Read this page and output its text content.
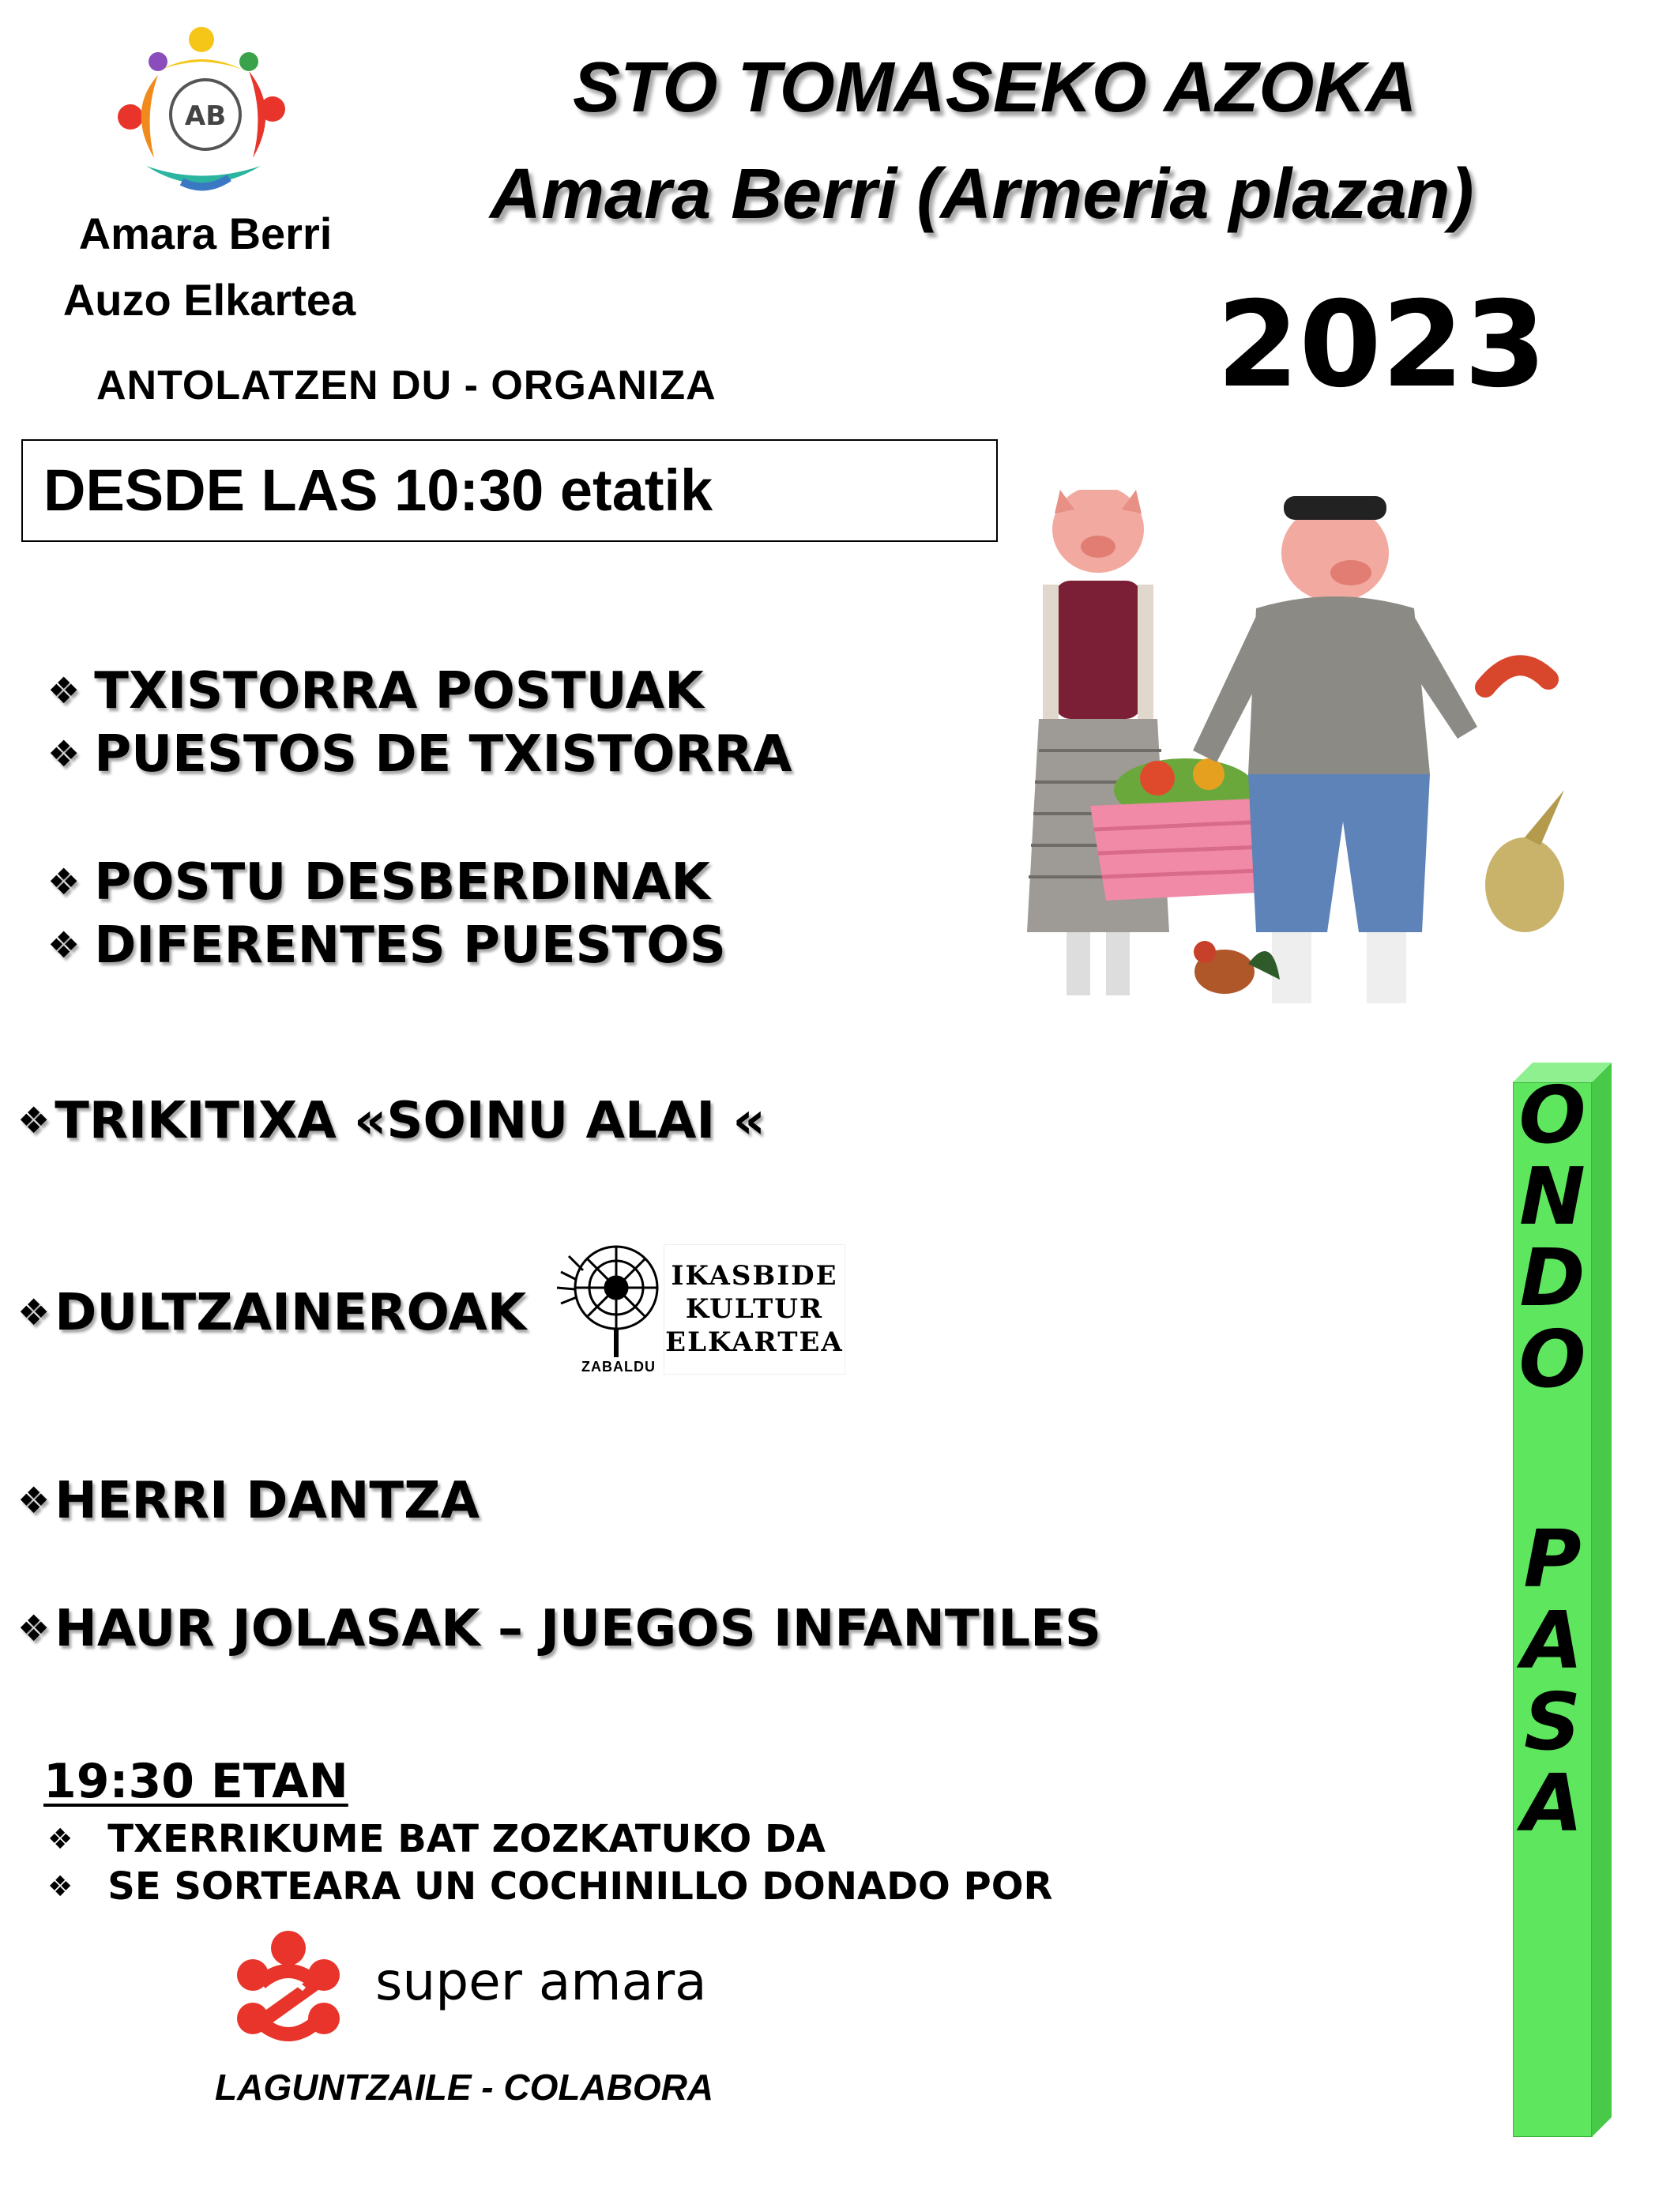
AB
Amara Berri
Auzo Elkartea
STO TOMASEKO AZOKA
Amara Berri (Armeria plazan)
2023
ANTOLATZEN DU - ORGANIZA
DESDE LAS 10:30 etatik
❖ TXISTORRA POSTUAK
❖ PUESTOS DE TXISTORRA
❖ POSTU DESBERDINAK
❖ DIFERENTES PUESTOS
❖TRIKITIXA «SOINU ALAI «
❖DULTZAINEROAK
ZABALDU
IKASBIDE
KULTUR
ELKARTEA
❖HERRI DANTZA
❖HAUR JOLASAK – JUEGOS INFANTILES
19:30 ETAN
❖ TXERRIKUME BAT ZOZKATUKO DA
❖ SE SORTEARA UN COCHINILLO DONADO POR
super amara
LAGUNTZAILE - COLABORA
O
N
D
O
P
A
S
A
